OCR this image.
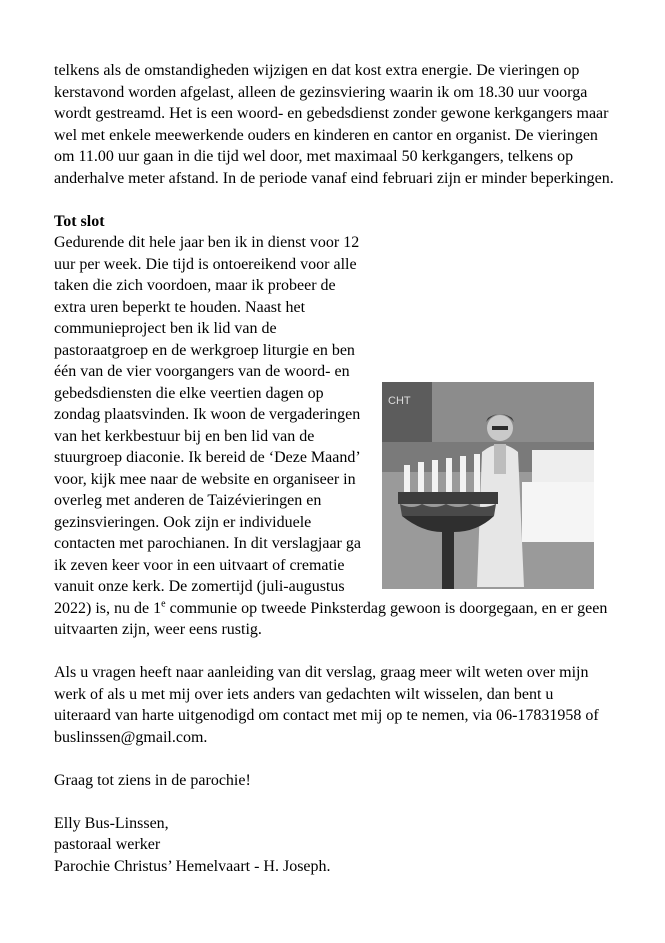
telkens als de omstandigheden wijzigen en dat kost extra energie. De vieringen op kerstavond worden afgelast, alleen de gezinsviering waarin ik om 18.30 uur voorga wordt gestreamd. Het is een woord- en gebedsdienst zonder gewone kerkgangers maar wel met enkele meewerkende ouders en kinderen en cantor en organist. De vieringen om 11.00 uur gaan in die tijd wel door, met maximaal 50 kerkgangers, telkens op anderhalve meter afstand. In de periode vanaf eind februari zijn er minder beperkingen.

Tot slot

CHT

Gedurende dit hele jaar ben ik in dienst voor 12 uur per week. Die tijd is ontoereikend voor alle taken die zich voordoen, maar ik probeer de extra uren beperkt te houden. Naast het communieproject ben ik lid van de pastoraatgroep en de werkgroep liturgie en ben één van de vier voorgangers van de woord- en gebedsdiensten die elke veertien dagen op zondag plaatsvinden. Ik woon de vergaderingen van het kerkbestuur bij en ben lid van de stuurgroep diaconie. Ik bereid de ‘Deze Maand’ voor, kijk mee naar de website en organiseer in overleg met anderen de Taizévieringen en gezinsvieringen. Ook zijn er individuele contacten met parochianen. In dit verslagjaar ga ik zeven keer voor in een uitvaart of crematie vanuit onze kerk. De zomertijd (juli-augustus 2022) is, nu de 1e communie op tweede Pinksterdag gewoon is doorgegaan, en er geen uitvaarten zijn, weer eens rustig.

Als u vragen heeft naar aanleiding van dit verslag, graag meer wilt weten over mijn werk of als u met mij over iets anders van gedachten wilt wisselen, dan bent u uiteraard van harte uitgenodigd om contact met mij op te nemen, via 06-17831958 of buslinssen@gmail.com.

Graag tot ziens in de parochie!

Elly Bus-Linssen,

pastoraal werker

Parochie Christus’ Hemelvaart - H. Joseph.
